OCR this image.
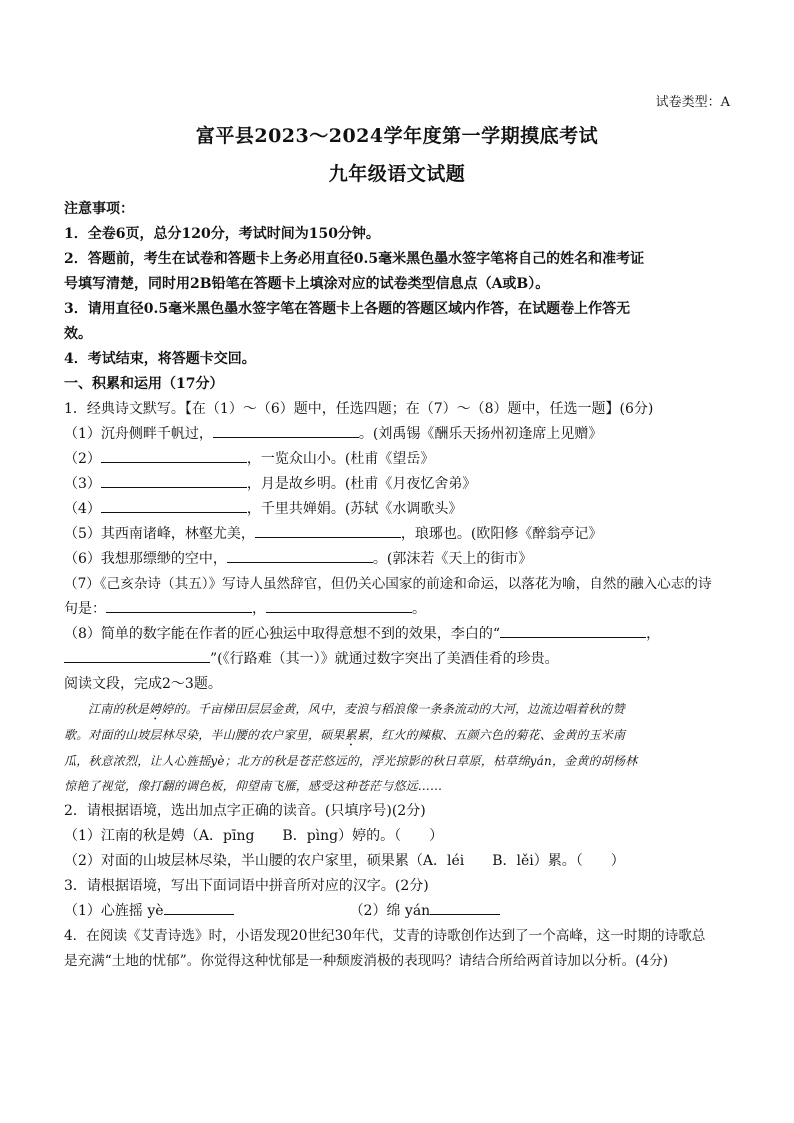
试卷类型：A
富平县2023～2024学年度第一学期摸底考试
九年级语文试题
注意事项：
1．全卷6页，总分120分，考试时间为150分钟。
2．答题前，考生在试卷和答题卡上务必用直径0.5毫米黑色墨水签字笔将自己的姓名和准考证
号填写清楚，同时用2B铅笔在答题卡上填涂对应的试卷类型信息点（A或B）。
3．请用直径0.5毫米黑色墨水签字笔在答题卡上各题的答题区域内作答，在试题卷上作答无
效。
4．考试结束，将答题卡交回。
一、积累和运用（17分）
1．经典诗文默写。【在（1）～（6）题中，任选四题；在（7）～（8）题中，任选一题】(6分)
（1）沉舟侧畔千帆过，	。(刘禹锡《酬乐天扬州初逢席上见赠》
（2）	，一览众山小。(杜甫《望岳》
（3）	，月是故乡明。(杜甫《月夜忆舍弟》
（4）	，千里共婵娟。(苏轼《水调歌头》
（5）其西南诸峰，林壑尤美，	，琅琊也。(欧阳修《醉翁亭记》
（6）我想那缥缈的空中，	。(郭沫若《天上的街市》
（7）《己亥杂诗（其五）》写诗人虽然辞官，但仍关心国家的前途和命运，以落花为喻，自然的融入心志的诗
句是：	，	。
（8）简单的数字能在作者的匠心独运中取得意想不到的效果，李白的“	，
”(《行路难（其一）》就通过数字突出了美酒佳肴的珍贵。
阅读文段，完成2～3题。
江南的秋是娉婷的。千亩梯田层层金黄，风中，麦浪与稻浪像一条条流动的大河，边流边唱着秋的赞
歌。对面的山坡层林尽染，半山腰的农户家里，硕果累累，红火的辣椒、五颜六色的菊花、金黄的玉米南
瓜，秋意浓烈，让人心旌摇yè；北方的秋是苍茫悠远的，浮光掠影的秋日草原，枯草绵yán，金黄的胡杨林
惊艳了视觉，像打翻的调色板，仰望南飞雁，感受这种苍茫与悠远……
2．请根据语境，选出加点字正确的读音。(只填序号)(2分)
（1）江南的秋是娉（A．pīng　　B．pìng）婷的。（　　）
（2）对面的山坡层林尽染，半山腰的农户家里，硕果累（A．léi　　B．lěi）累。（　　）
3．请根据语境，写出下面词语中拼音所对应的汉字。(2分)
（1）心旌摇 yè	（2）绵 yán
4．在阅读《艾青诗选》时，小语发现20世纪30年代，艾青的诗歌创作达到了一个高峰，这一时期的诗歌总
是充满“土地的忧郁”。你觉得这种忧郁是一种颓废消极的表现吗？请结合所给两首诗加以分析。(4分)
